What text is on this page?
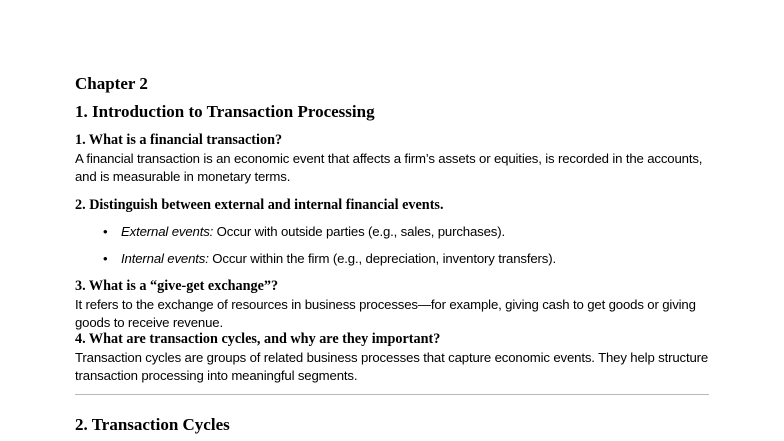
Chapter 2
1. Introduction to Transaction Processing
1. What is a financial transaction?
A financial transaction is an economic event that affects a firm’s assets or equities, is recorded in the accounts, and is measurable in monetary terms.
2. Distinguish between external and internal financial events.
• External events: Occur with outside parties (e.g., sales, purchases).
• Internal events: Occur within the firm (e.g., depreciation, inventory transfers).
3. What is a “give-get exchange”?
It refers to the exchange of resources in business processes—for example, giving cash to get goods or giving goods to receive revenue.
4. What are transaction cycles, and why are they important?
Transaction cycles are groups of related business processes that capture economic events. They help structure transaction processing into meaningful segments.
2. Transaction Cycles
